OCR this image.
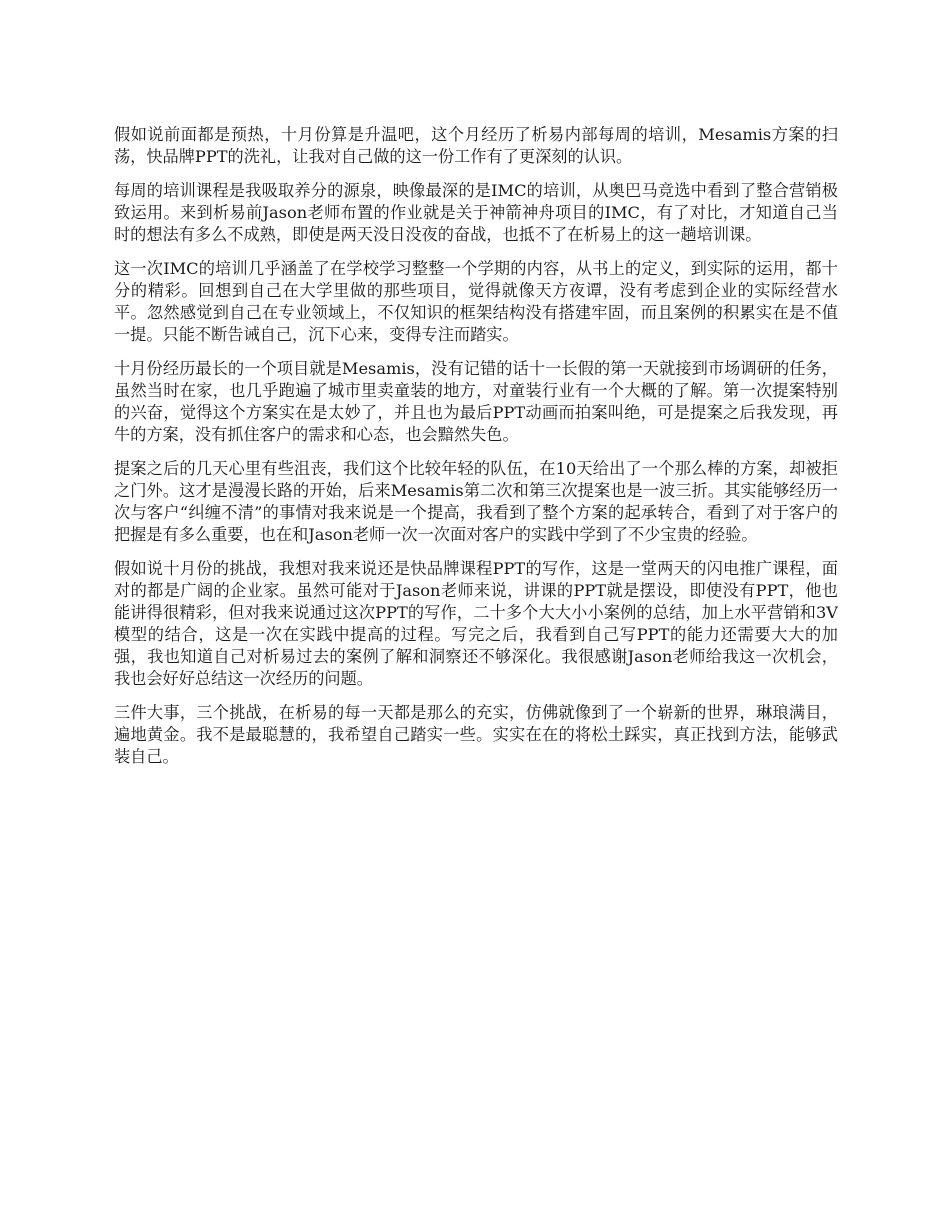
假如说前面都是预热，十月份算是升温吧，这个月经历了析易内部每周的培训，Mesamis方案的扫荡，快品牌PPT的洗礼，让我对自己做的这一份工作有了更深刻的认识。

每周的培训课程是我吸取养分的源泉，映像最深的是IMC的培训，从奥巴马竞选中看到了整合营销极致运用。来到析易前Jason老师布置的作业就是关于神箭神舟项目的IMC，有了对比，才知道自己当时的想法有多么不成熟，即使是两天没日没夜的奋战，也抵不了在析易上的这一趟培训课。

这一次IMC的培训几乎涵盖了在学校学习整整一个学期的内容，从书上的定义，到实际的运用，都十分的精彩。回想到自己在大学里做的那些项目，觉得就像天方夜谭，没有考虑到企业的实际经营水平。忽然感觉到自己在专业领域上，不仅知识的框架结构没有搭建牢固，而且案例的积累实在是不值一提。只能不断告诫自己，沉下心来，变得专注而踏实。

十月份经历最长的一个项目就是Mesamis，没有记错的话十一长假的第一天就接到市场调研的任务，虽然当时在家，也几乎跑遍了城市里卖童装的地方，对童装行业有一个大概的了解。第一次提案特别的兴奋，觉得这个方案实在是太妙了，并且也为最后PPT动画而拍案叫绝，可是提案之后我发现，再牛的方案，没有抓住客户的需求和心态，也会黯然失色。

提案之后的几天心里有些沮丧，我们这个比较年轻的队伍，在10天给出了一个那么棒的方案，却被拒之门外。这才是漫漫长路的开始，后来Mesamis第二次和第三次提案也是一波三折。其实能够经历一次与客户“纠缠不清”的事情对我来说是一个提高，我看到了整个方案的起承转合，看到了对于客户的把握是有多么重要，也在和Jason老师一次一次面对客户的实践中学到了不少宝贵的经验。

假如说十月份的挑战，我想对我来说还是快品牌课程PPT的写作，这是一堂两天的闪电推广课程，面对的都是广阔的企业家。虽然可能对于Jason老师来说，讲课的PPT就是摆设，即使没有PPT，他也能讲得很精彩，但对我来说通过这次PPT的写作，二十多个大大小小案例的总结，加上水平营销和3V模型的结合，这是一次在实践中提高的过程。写完之后，我看到自己写PPT的能力还需要大大的加强，我也知道自己对析易过去的案例了解和洞察还不够深化。我很感谢Jason老师给我这一次机会，我也会好好总结这一次经历的问题。

三件大事，三个挑战，在析易的每一天都是那么的充实，仿佛就像到了一个崭新的世界，琳琅满目，遍地黄金。我不是最聪慧的，我希望自己踏实一些。实实在在的将松土踩实，真正找到方法，能够武装自己。
